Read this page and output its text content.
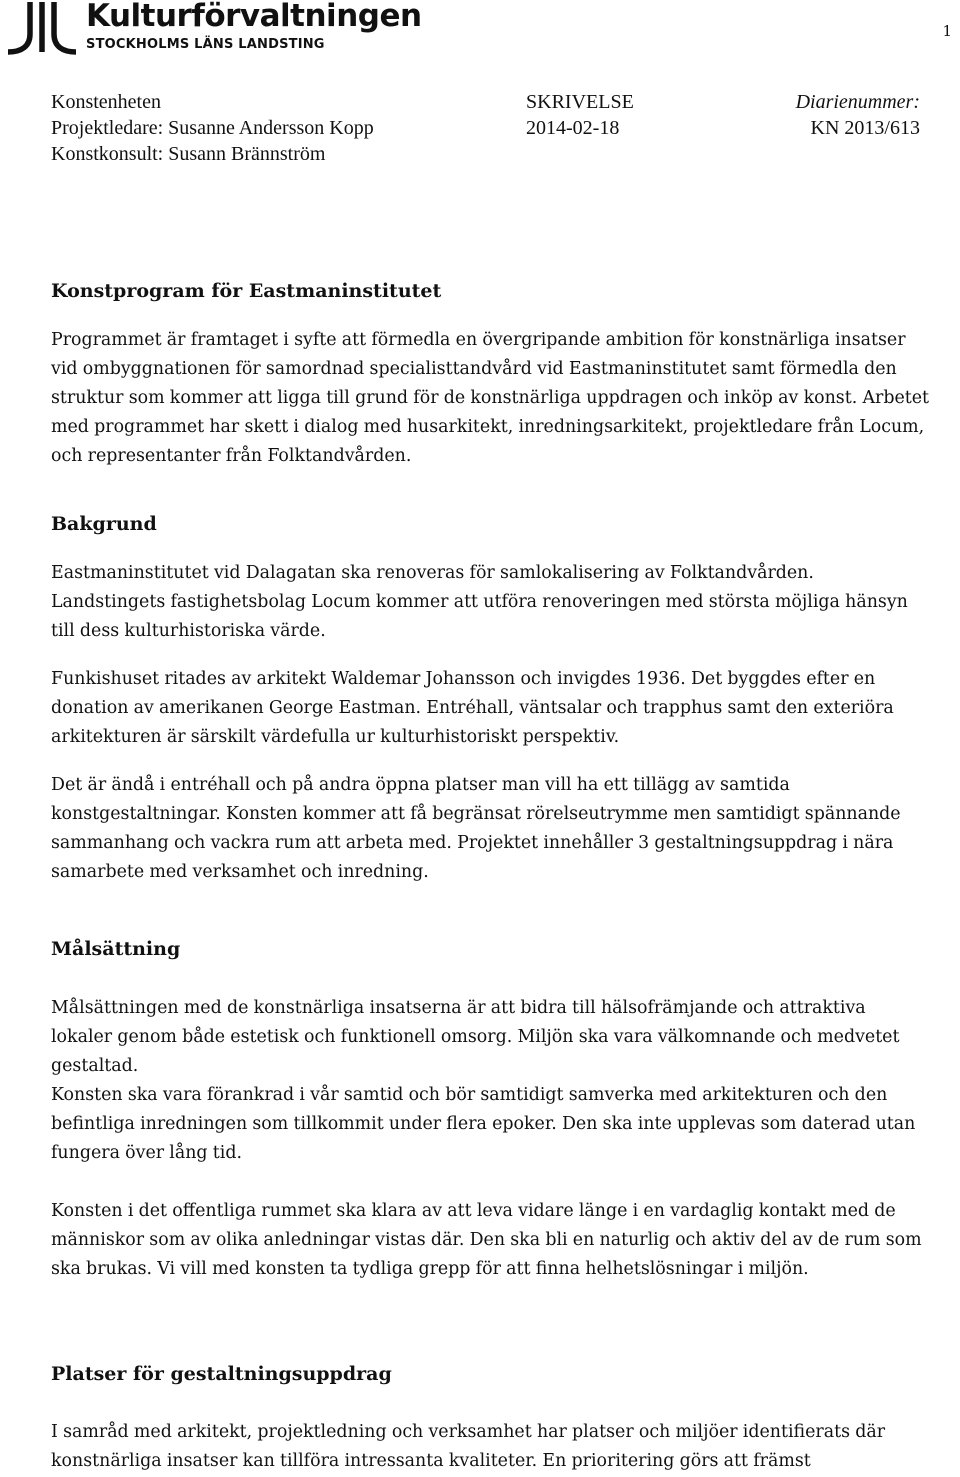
Kulturförvaltningen
STOCKHOLMS LÄNS LANDSTING
1
Konstenheten
Projektledare: Susanne Andersson Kopp
Konstkonsult: Susann Brännström
SKRIVELSE
2014-02-18
Diarienummer:
KN 2013/613
Konstprogram för Eastmaninstitutet

Programmet är framtaget i syfte att förmedla en övergripande ambition för konstnärliga insatser vid ombyggnationen för samordnad specialisttandvård vid Eastmaninstitutet samt förmedla den struktur som kommer att ligga till grund för de konstnärliga uppdragen och inköp av konst. Arbetet med programmet har skett i dialog med husarkitekt, inredningsarkitekt, projektledare från Locum, och representanter från Folktandvården.

Bakgrund

Eastmaninstitutet vid Dalagatan ska renoveras för samlokalisering av Folktandvården. Landstingets fastighetsbolag Locum kommer att utföra renoveringen med största möjliga hänsyn till dess kulturhistoriska värde.

Funkishuset ritades av arkitekt Waldemar Johansson och invigdes 1936. Det byggdes efter en donation av amerikanen George Eastman. Entréhall, väntsalar och trapphus samt den exteriöra arkitekturen är särskilt värdefulla ur kulturhistoriskt perspektiv.

Det är ändå i entréhall och på andra öppna platser man vill ha ett tillägg av samtida konstgestaltningar. Konsten kommer att få begränsat rörelseutrymme men samtidigt spännande sammanhang och vackra rum att arbeta med. Projektet innehåller 3 gestaltningsuppdrag i nära samarbete med verksamhet och inredning.

Målsättning

Målsättningen med de konstnärliga insatserna är att bidra till hälsofrämjande och attraktiva lokaler genom både estetisk och funktionell omsorg. Miljön ska vara välkomnande och medvetet gestaltad.

Konsten ska vara förankrad i vår samtid och bör samtidigt samverka med arkitekturen och den befintliga inredningen som tillkommit under flera epoker. Den ska inte upplevas som daterad utan fungera över lång tid.

Konsten i det offentliga rummet ska klara av att leva vidare länge i en vardaglig kontakt med de människor som av olika anledningar vistas där. Den ska bli en naturlig och aktiv del av de rum som ska brukas. Vi vill med konsten ta tydliga grepp för att finna helhetslösningar i miljön.

Platser för gestaltningsuppdrag

I samråd med arkitekt, projektledning och verksamhet har platser och miljöer identifierats där konstnärliga insatser kan tillföra intressanta kvaliteter. En prioritering görs att främst
